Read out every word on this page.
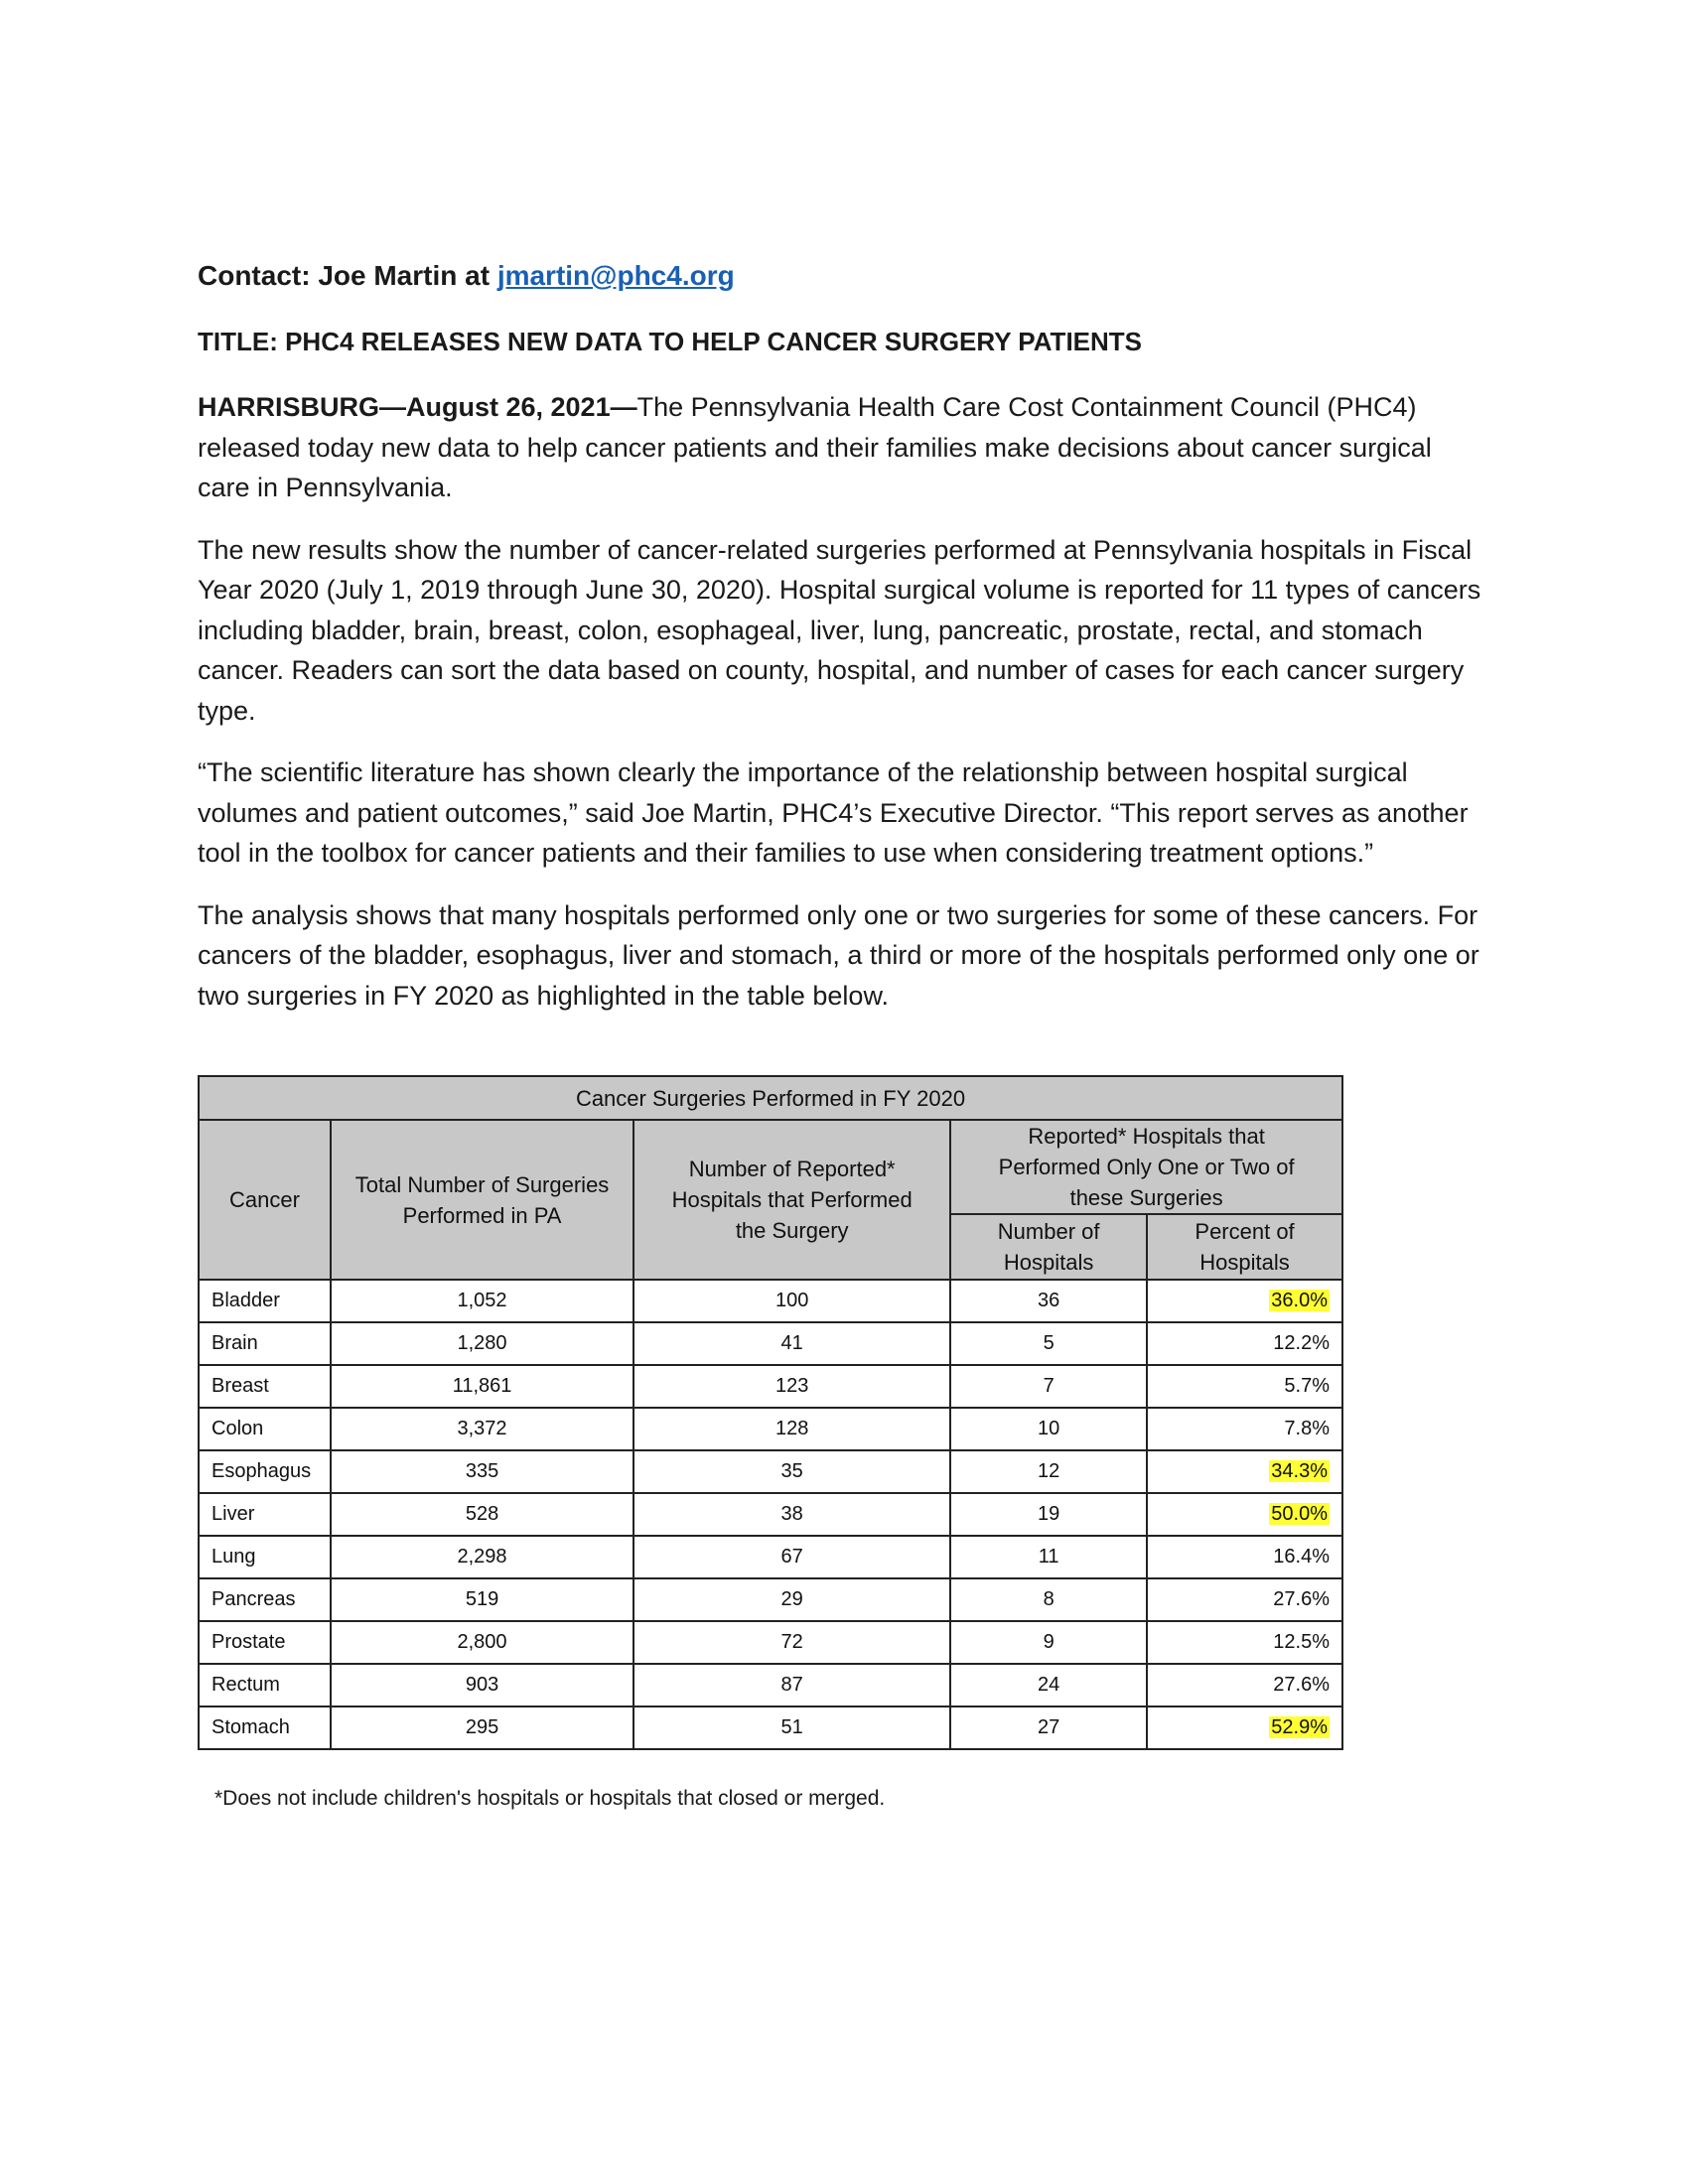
Contact: Joe Martin at jmartin@phc4.org

TITLE: PHC4 RELEASES NEW DATA TO HELP CANCER SURGERY PATIENTS

HARRISBURG—August 26, 2021—The Pennsylvania Health Care Cost Containment Council (PHC4) released today new data to help cancer patients and their families make decisions about cancer surgical care in Pennsylvania.

The new results show the number of cancer-related surgeries performed at Pennsylvania hospitals in Fiscal Year 2020 (July 1, 2019 through June 30, 2020). Hospital surgical volume is reported for 11 types of cancers including bladder, brain, breast, colon, esophageal, liver, lung, pancreatic, prostate, rectal, and stomach cancer. Readers can sort the data based on county, hospital, and number of cases for each cancer surgery type.

“The scientific literature has shown clearly the importance of the relationship between hospital surgical volumes and patient outcomes,” said Joe Martin, PHC4’s Executive Director. “This report serves as another tool in the toolbox for cancer patients and their families to use when considering treatment options.”

The analysis shows that many hospitals performed only one or two surgeries for some of these cancers. For cancers of the bladder, esophagus, liver and stomach, a third or more of the hospitals performed only one or two surgeries in FY 2020 as highlighted in the table below.

Cancer Surgeries Performed in FY 2020				
Cancer	Total Number of Surgeries Performed in PA	Number of Reported* Hospitals that Performed the Surgery	Reported* Hospitals that Performed Only One or Two of these Surgeries	
			Number of Hospitals	Percent of Hospitals
Bladder	1,052	100	36	36.0%
Brain	1,280	41	5	12.2%
Breast	11,861	123	7	5.7%
Colon	3,372	128	10	7.8%
Esophagus	335	35	12	34.3%
Liver	528	38	19	50.0%
Lung	2,298	67	11	16.4%
Pancreas	519	29	8	27.6%
Prostate	2,800	72	9	12.5%
Rectum	903	87	24	27.6%
Stomach	295	51	27	52.9%
*Does not include children's hospitals or hospitals that closed or merged.
